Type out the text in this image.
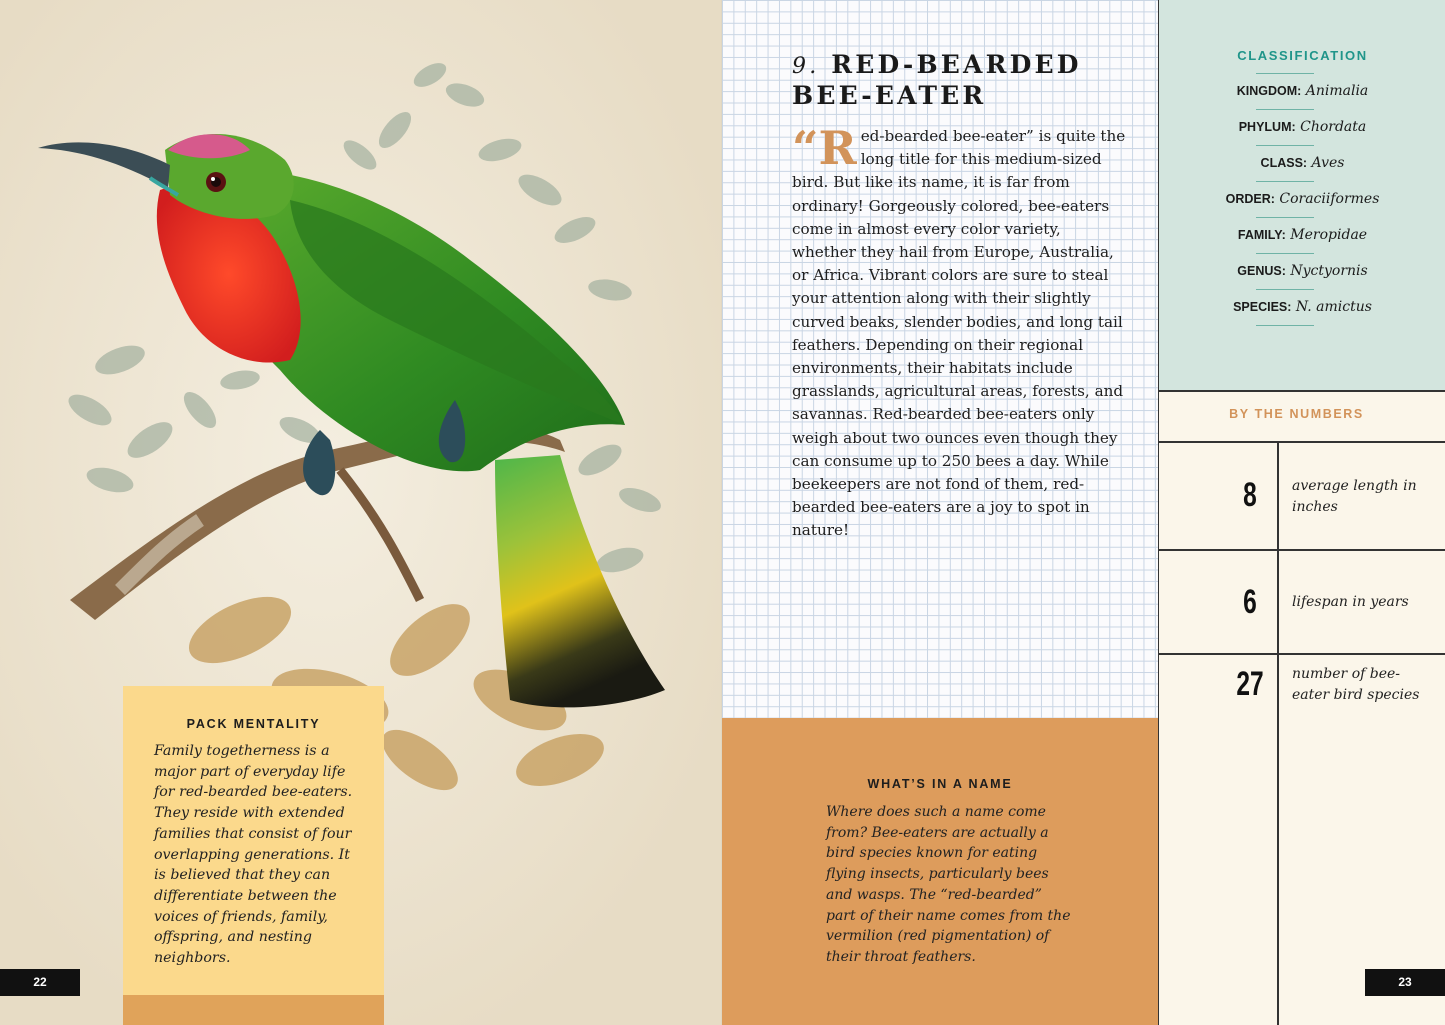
PACK MENTALITY
Family togetherness is a major part of everyday life for red-bearded bee-eaters. They reside with extended families that consist of four overlapping generations. It is believed that they can differentiate between the voices of friends, family, offspring, and nesting neighbors.
22
9. RED-BEARDED
BEE-EATER
“Red-bearded bee-eater” is quite the long title for this medium-sized bird. But like its name, it is far from ordinary! Gorgeously colored, bee-eaters come in almost every color variety, whether they hail from Europe, Australia, or Africa. Vibrant colors are sure to steal your attention along with their slightly curved beaks, slender bodies, and long tail feathers. Depending on their regional environments, their habitats include grasslands, agricultural areas, forests, and savannas. Red-bearded bee-eaters only weigh about two ounces even though they can consume up to 250 bees a day. While beekeepers are not fond of them, red-bearded bee-eaters are a joy to spot in nature!
WHAT’S IN A NAME
Where does such a name come from? Bee-eaters are actually a bird species known for eating flying insects, particularly bees and wasps. The “red-bearded” part of their name comes from the vermilion (red pigmentation) of their throat feathers.
CLASSIFICATION
KINGDOM: Animalia
PHYLUM: Chordata
CLASS: Aves
ORDER: Coraciiformes
FAMILY: Meropidae
GENUS: Nyctyornis
SPECIES: N. amictus
BY THE NUMBERS
8	average length in inches
6	lifespan in years
27	number of bee-eater bird species
23
